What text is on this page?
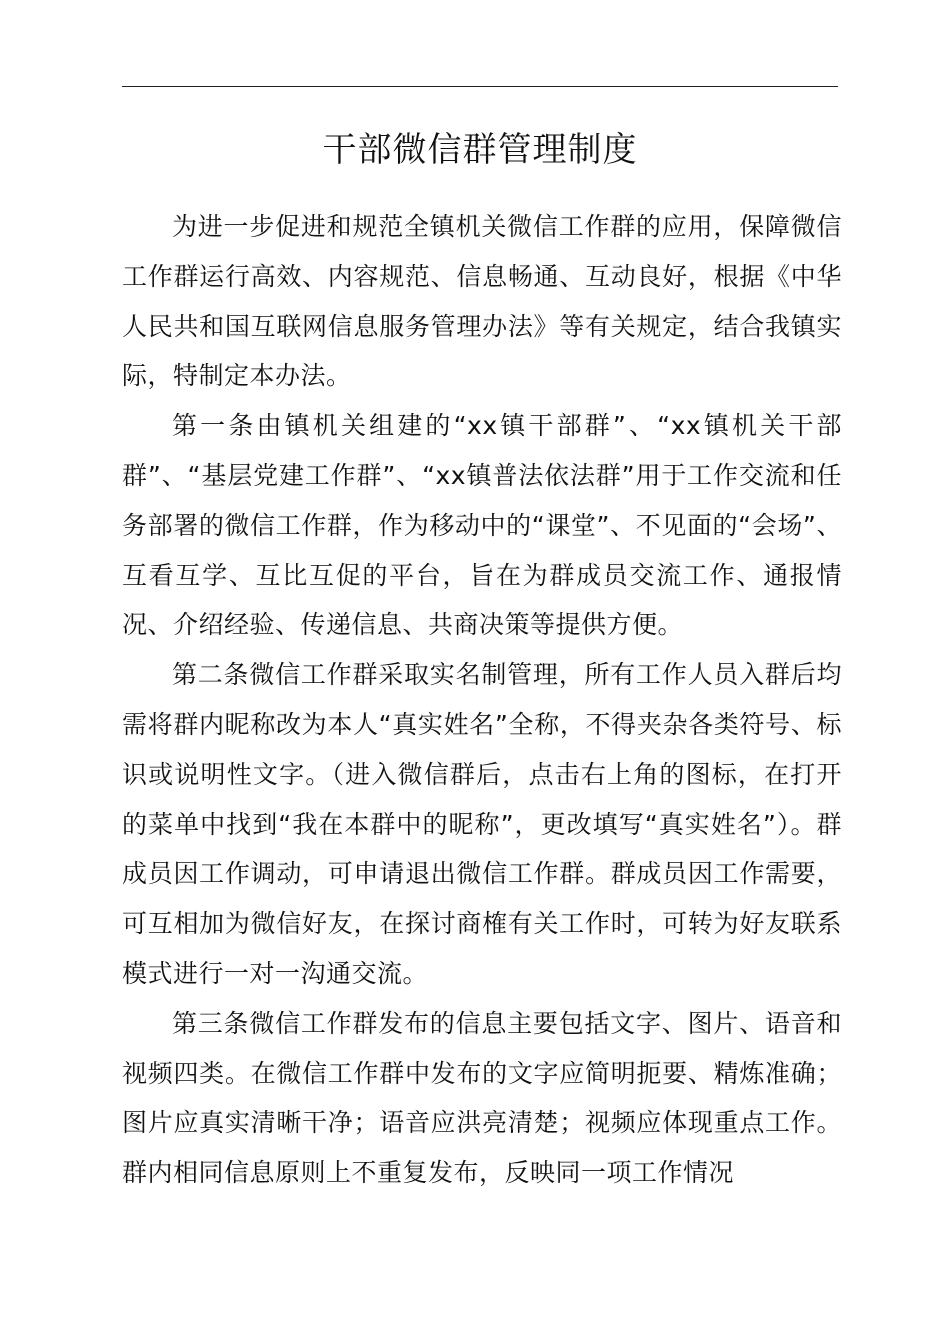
干部微信群管理制度

为进一步促进和规范全镇机关微信工作群的应用，保障微信工作群运行高效、内容规范、信息畅通、互动良好，根据《中华人民共和国互联网信息服务管理办法》等有关规定，结合我镇实际，特制定本办法。

第一条由镇机关组建的“xx镇干部群”、“xx镇机关干部群”、“基层党建工作群”、“xx镇普法依法群”用于工作交流和任务部署的微信工作群，作为移动中的“课堂”、不见面的“会场”、互看互学、互比互促的平台，旨在为群成员交流工作、通报情况、介绍经验、传递信息、共商决策等提供方便。

第二条微信工作群采取实名制管理，所有工作人员入群后均需将群内昵称改为本人“真实姓名”全称，不得夹杂各类符号、标识或说明性文字。（进入微信群后，点击右上角的图标，在打开的菜单中找到“我在本群中的昵称”，更改填写“真实姓名”）。群成员因工作调动，可申请退出微信工作群。群成员因工作需要，可互相加为微信好友，在探讨商榷有关工作时，可转为好友联系模式进行一对一沟通交流。

第三条微信工作群发布的信息主要包括文字、图片、语音和视频四类。在微信工作群中发布的文字应简明扼要、精炼准确；图片应真实清晰干净；语音应洪亮清楚；视频应体现重点工作。群内相同信息原则上不重复发布，反映同一项工作情况
